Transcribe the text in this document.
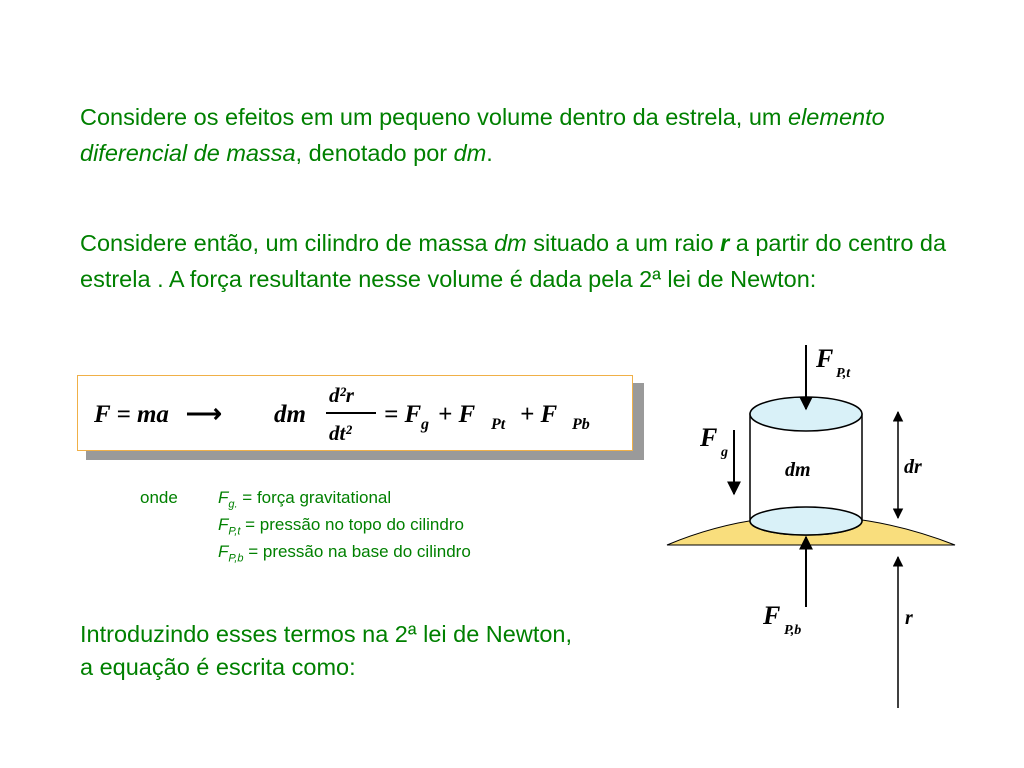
Considere os efeitos em um pequeno volume dentro da estrela, um elemento diferencial de massa, denotado por dm.
Considere então, um cilindro de massa dm situado a um raio r a partir do centro da estrela . A força resultante nesse volume é dada pela 2ª lei de Newton:
F = ma ⟶ dm
d²r
dt²
= F g + F Pt + F Pb
onde $F_{g.}$ = força gravitational
$F_{P,t}$ = pressão no topo do cilindro
$F_{P,b}$ = pressão na base do cilindro
Introduzindo esses termos na 2ª lei de Newton,
a equação é escrita como:
F
P,t
F
g
dm	dr
F
P,b
r
